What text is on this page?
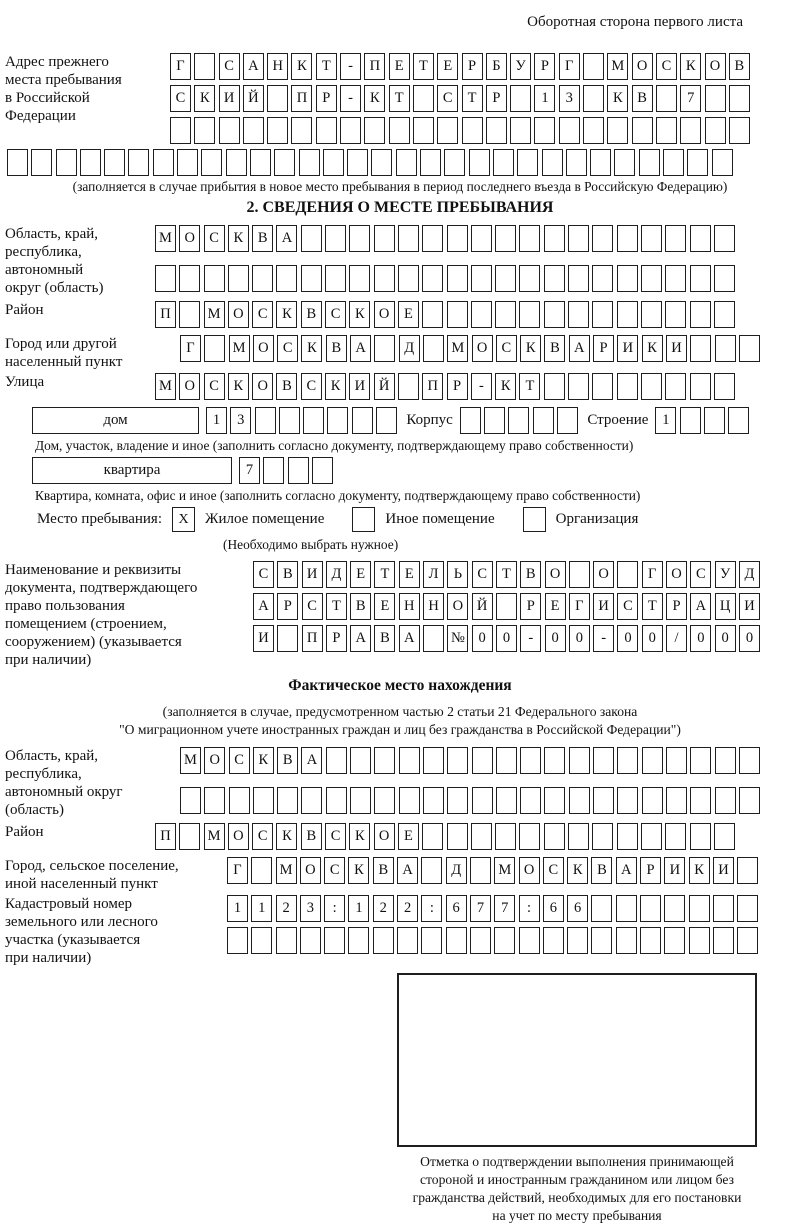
Оборотная сторона первого листа
Адрес прежнего
места пребывания
в Российской
Федерации
Г	С А Н К	Т	-	П	Е	Т	Е	Р	Б	У	Р	Г	М О С	К О В
С	К И Й	П	Р	-	К	Т	С	Т	Р	1	3	К	В	7
(заполняется в случае прибытия в новое место пребывания в период последнего въезда в Российскую Федерацию)
2. СВЕДЕНИЯ О МЕСТЕ ПРЕБЫВАНИЯ
Область, край,
республика,
автономный
округ (область)
М О С	К	В А
Район	П	М О С	К	В	С	К О	Е
Город или другой
населенный пункт
Г	М О С	К	В А	Д	М О С	К	В А	Р	И К И
Улица	М О С	К О В	С	К И Й	П	Р	-	К	Т
дом	1	3	Корпус	Строение 1
Дом, участок, владение и иное (заполнить согласно документу, подтверждающему право собственности)
квартира	7
Квартира, комната, офис и иное (заполнить согласно документу, подтверждающему право собственности)
Место пребывания:	X	Жилое помещение	Иное помещение	Организация
(Необходимо выбрать нужное)
Наименование и реквизиты
документа, подтверждающего
право пользования
помещением (строением,
сооружением) (указывается
при наличии)
С	В И Д	Е	Т	Е	Л	Ь	С	Т	В О	О	Г	О С У Д
А	Р	С	Т	В	Е	Н Н О Й	Р	Е	Г	И С	Т	Р	А Ц И
И	П	Р	А В А	№ 0	0	-	0	0	-	0	0	/	0	0	0
Фактическое место нахождения
(заполняется в случае, предусмотренном частью 2 статьи 21 Федерального закона
"О миграционном учете иностранных граждан и лиц без гражданства в Российской Федерации")
Область, край,
республика,
автономный округ
(область)
М О С	К	В А
Район	П	М О С	К	В	С	К О	Е
Город, сельское поселение,
иной населенный пункт
Г	М О С	К	В А	Д	М О С	К	В А	Р	И К И
Кадастровый номер
земельного или лесного
участка (указывается
при наличии)
1	1	2	3	:	1	2	2	:	6	7	7	:	6	6
Отметка о подтверждении выполнения принимающей
стороной и иностранным гражданином или лицом без
гражданства действий, необходимых для его постановки
на учет по месту пребывания
